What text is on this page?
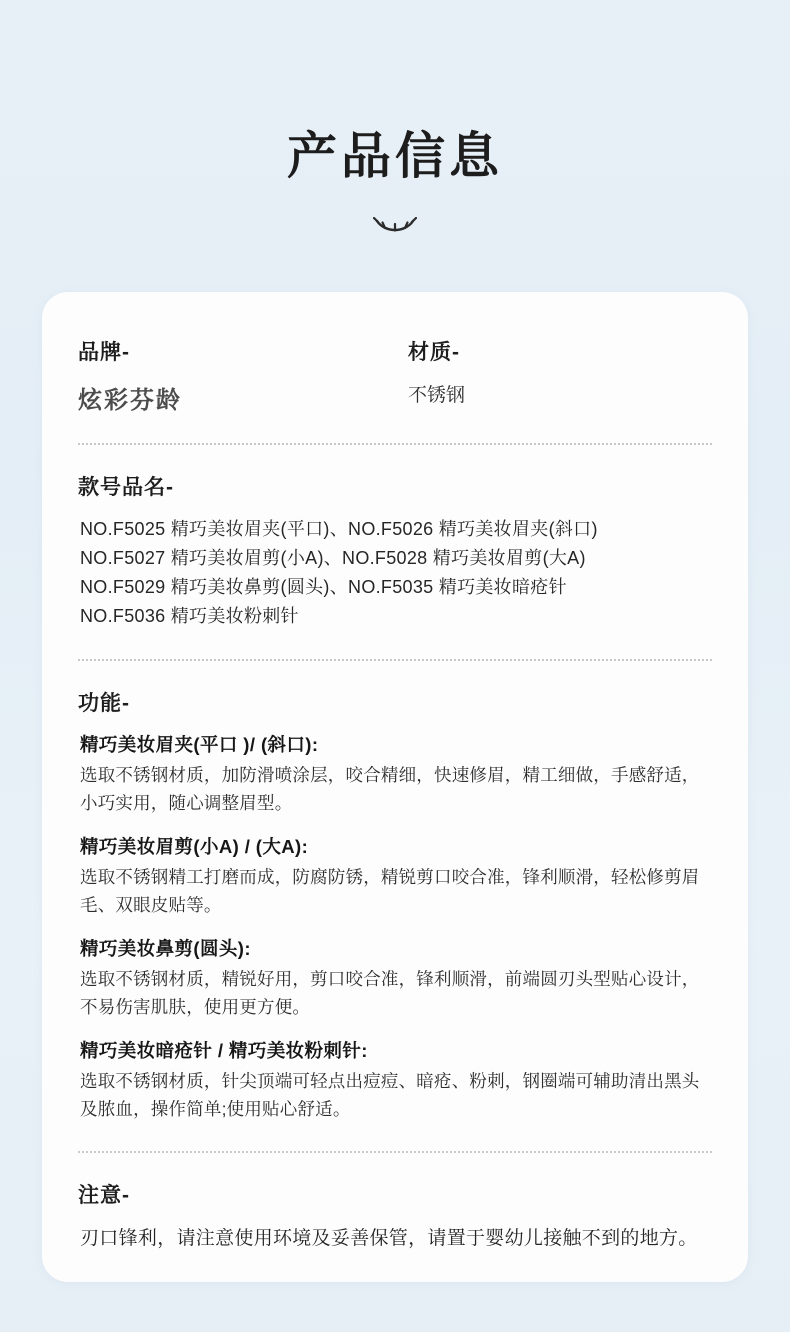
产品信息

品牌-

炫彩芬龄

材质-

不锈钢

款号品名-

NO.F5025 精巧美妆眉夹(平口)、NO.F5026 精巧美妆眉夹(斜口)

NO.F5027 精巧美妆眉剪(小A)、NO.F5028 精巧美妆眉剪(大A)

NO.F5029 精巧美妆鼻剪(圆头)、NO.F5035 精巧美妆暗疮针

NO.F5036 精巧美妆粉刺针

功能-

精巧美妆眉夹(平口 )/ (斜口):

选取不锈钢材质，加防滑喷涂层，咬合精细，快速修眉，精工细做，手感舒适，小巧实用，随心调整眉型。

精巧美妆眉剪(小A) / (大A):

选取不锈钢精工打磨而成，防腐防锈，精锐剪口咬合准，锋利顺滑，轻松修剪眉毛、双眼皮贴等。

精巧美妆鼻剪(圆头):

选取不锈钢材质，精锐好用，剪口咬合准，锋利顺滑，前端圆刃头型贴心设计，不易伤害肌肤，使用更方便。

精巧美妆暗疮针 / 精巧美妆粉刺针:

选取不锈钢材质，针尖顶端可轻点出痘痘、暗疮、粉刺，钢圈端可辅助清出黑头及脓血，操作简单;使用贴心舒适。

注意-

刃口锋利，请注意使用环境及妥善保管，请置于婴幼儿接触不到的地方。
